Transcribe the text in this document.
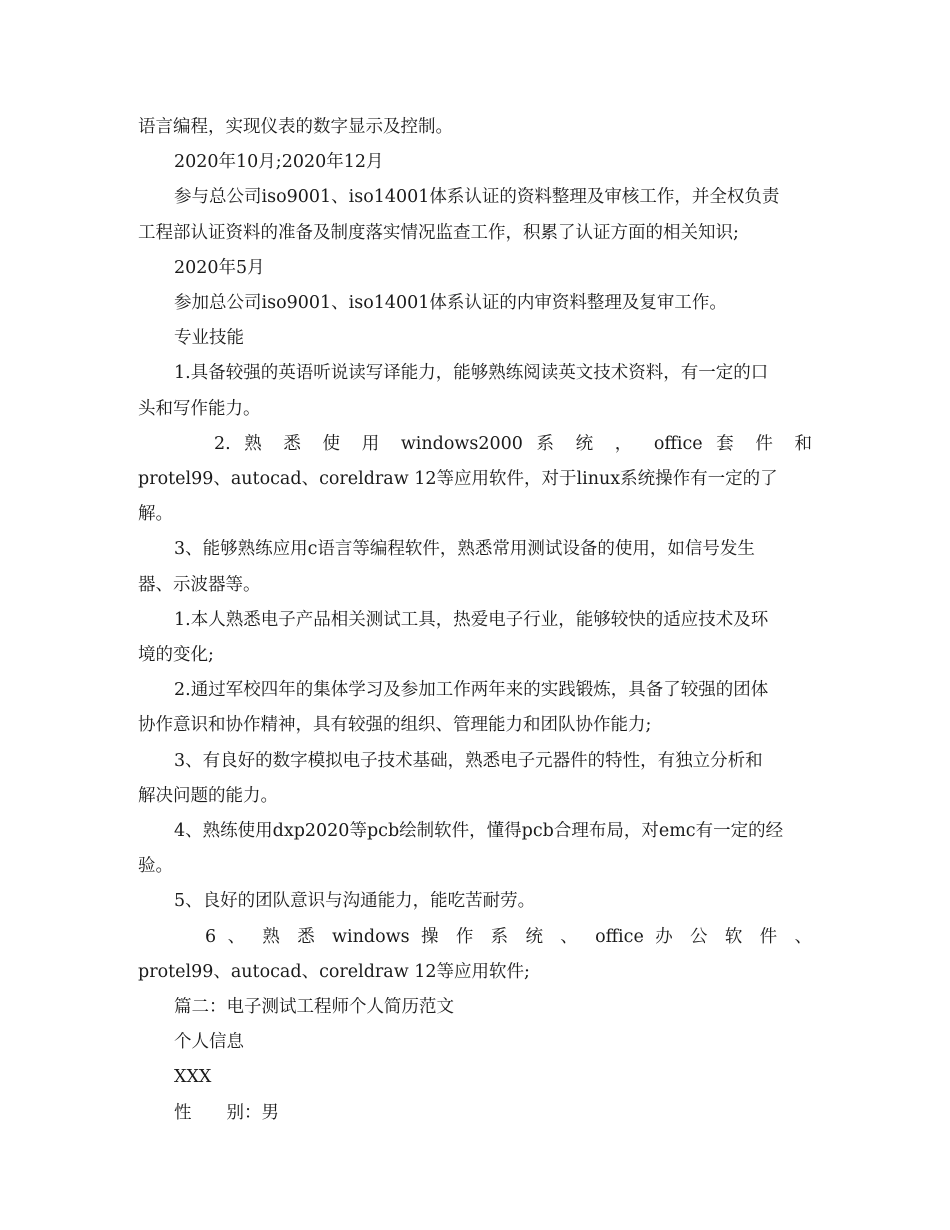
语言编程，实现仪表的数字显示及控制。
2020年10月;2020年12月
参与总公司iso9001、iso14001体系认证的资料整理及审核工作，并全权负责
工程部认证资料的准备及制度落实情况监查工作，积累了认证方面的相关知识;
2020年5月
参加总公司iso9001、iso14001体系认证的内审资料整理及复审工作。
专业技能
1.具备较强的英语听说读写译能力，能够熟练阅读英文技术资料，有一定的口
头和写作能力。
2. 熟 悉 使 用 windows2000 系 统 ， office 套 件 和
protel99、autocad、coreldraw 12等应用软件，对于linux系统操作有一定的了
解。
3、能够熟练应用c语言等编程软件，熟悉常用测试设备的使用，如信号发生
器、示波器等。
1.本人熟悉电子产品相关测试工具，热爱电子行业，能够较快的适应技术及环
境的变化;
2.通过军校四年的集体学习及参加工作两年来的实践锻炼，具备了较强的团体
协作意识和协作精神，具有较强的组织、管理能力和团队协作能力;
3、有良好的数字模拟电子技术基础，熟悉电子元器件的特性，有独立分析和
解决问题的能力。
4、熟练使用dxp2020等pcb绘制软件，懂得pcb合理布局，对emc有一定的经
验。
5、良好的团队意识与沟通能力，能吃苦耐劳。
6 、 熟 悉 windows 操 作 系 统 、 office 办 公 软 件 、
protel99、autocad、coreldraw 12等应用软件;
篇二：电子测试工程师个人简历范文
个人信息
XXX
性　　别：男
